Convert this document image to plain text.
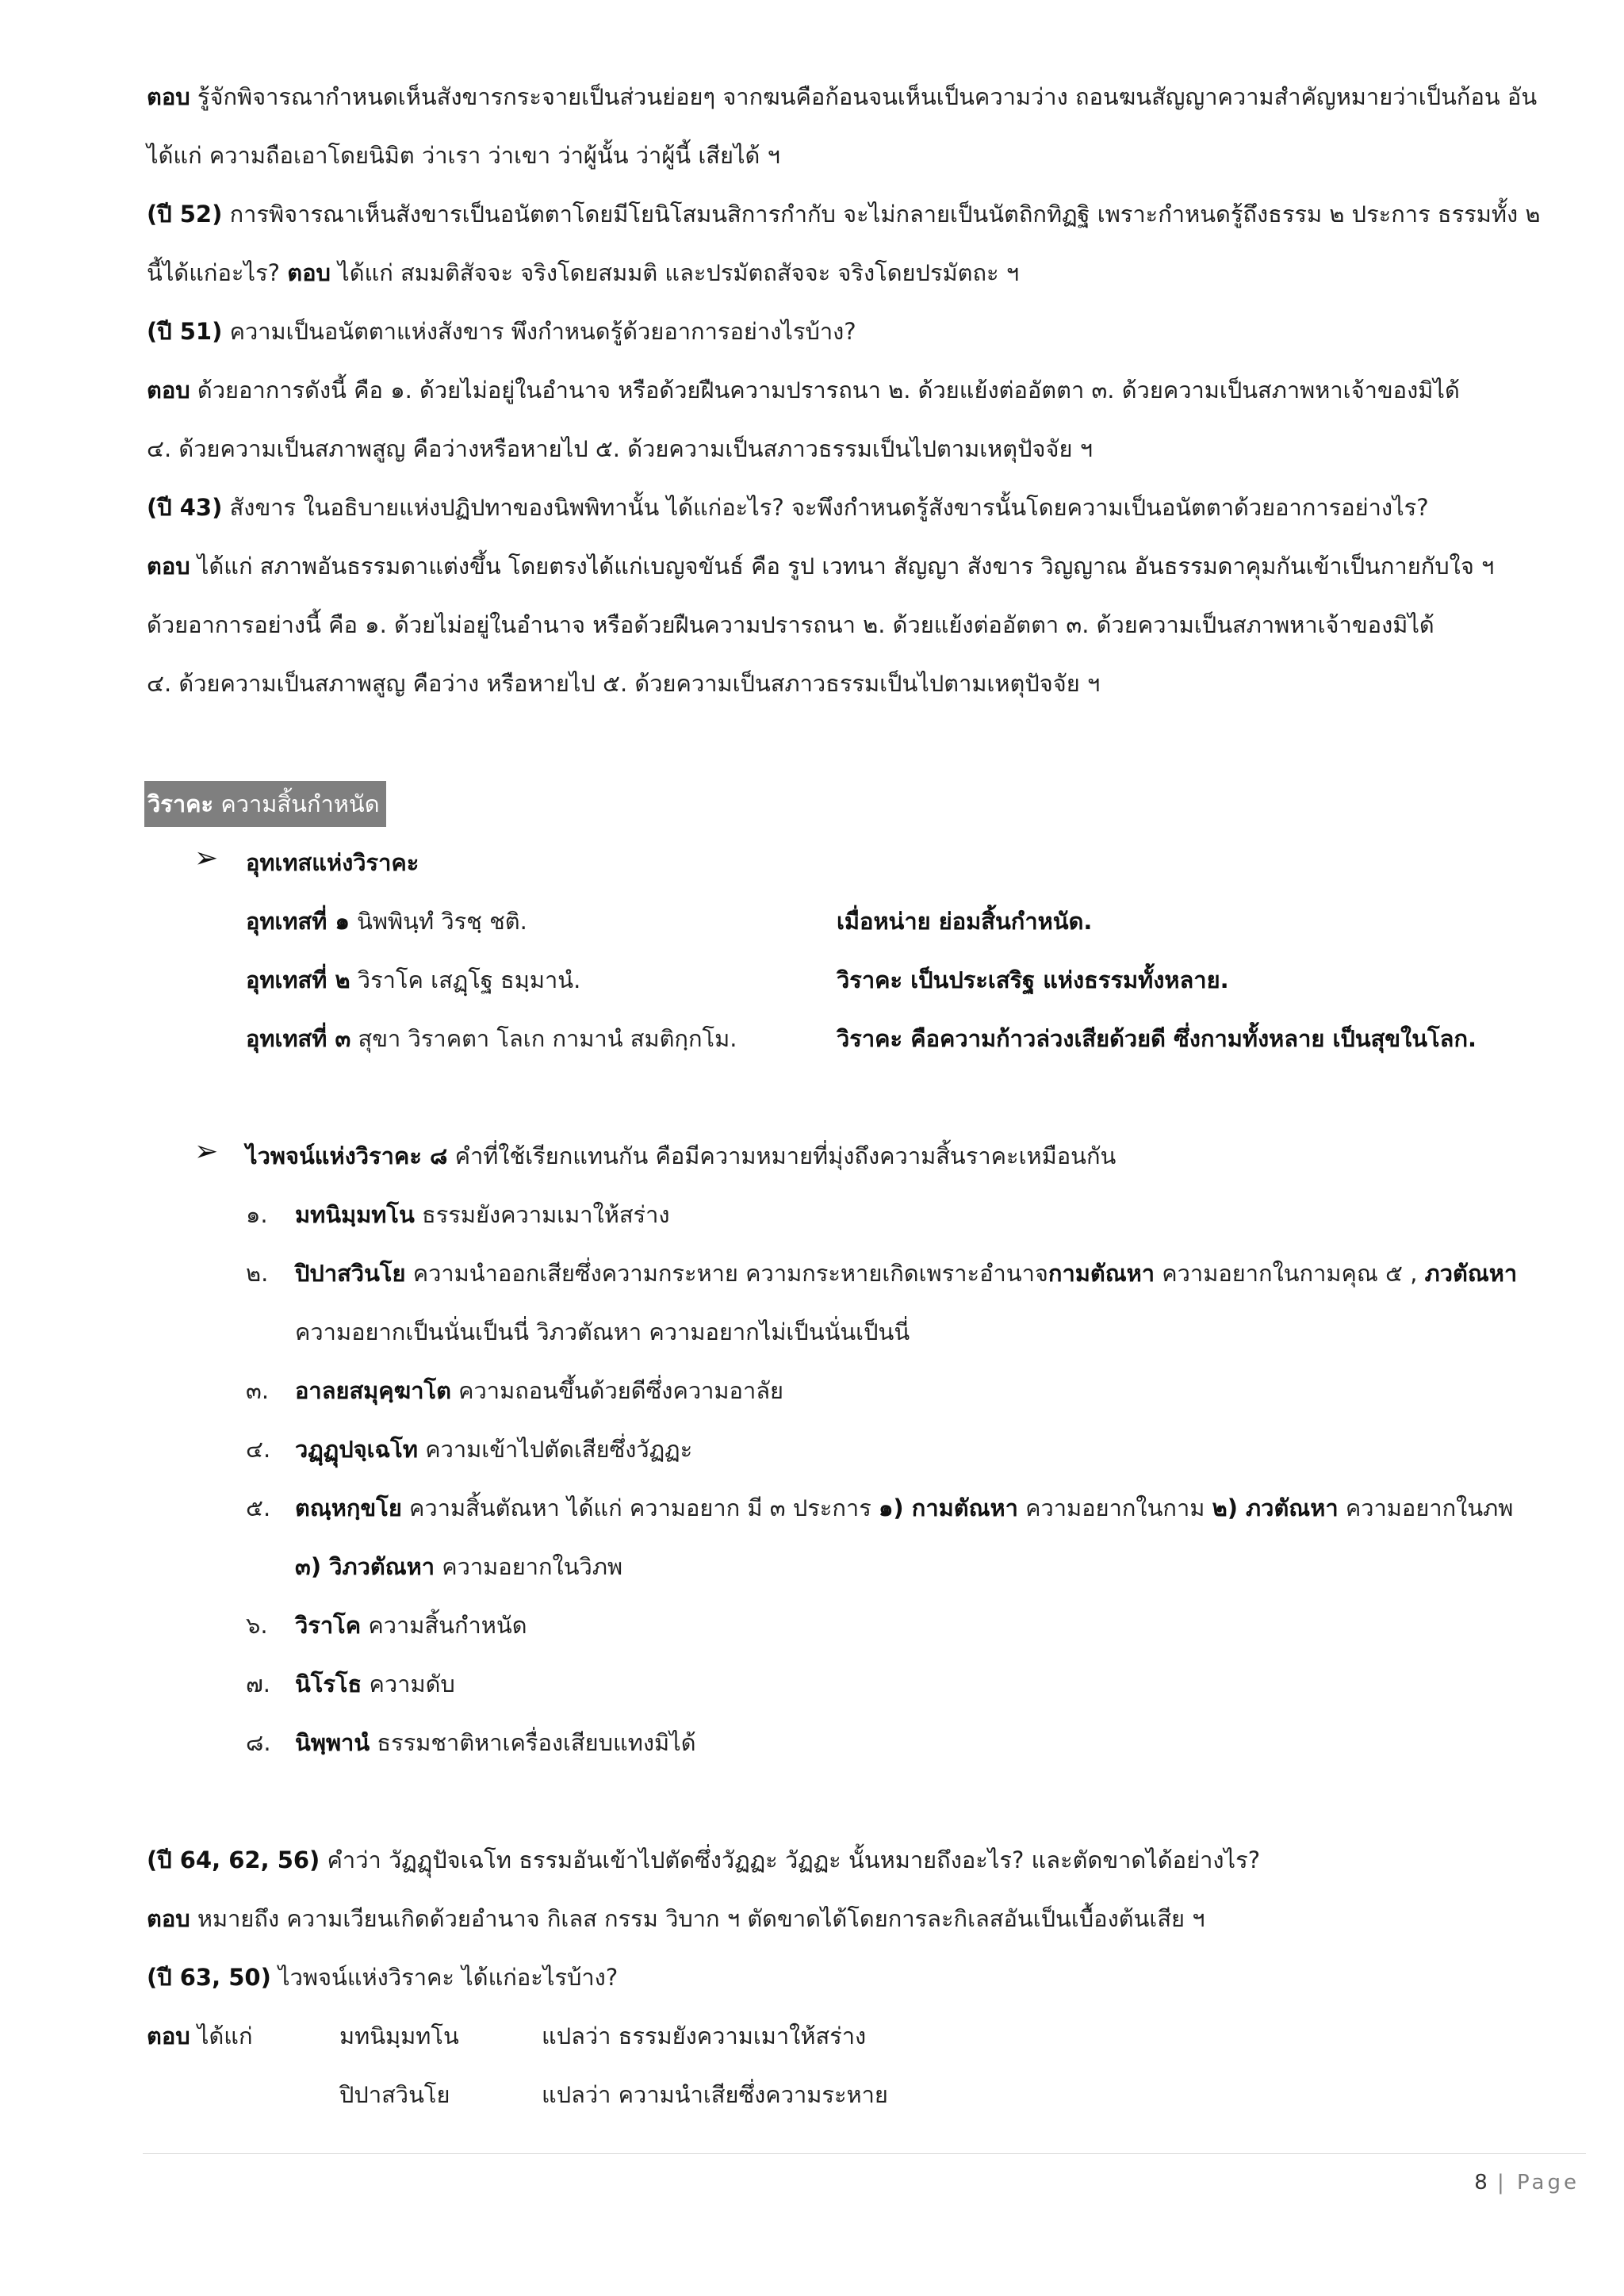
ตอบ รู้จักพิจารณากำหนดเห็นสังขารกระจายเป็นส่วนย่อยๆ จากฆนคือก้อนจนเห็นเป็นความว่าง ถอนฆนสัญญาความสำคัญหมายว่าเป็นก้อน อัน
ได้แก่ ความถือเอาโดยนิมิต ว่าเรา ว่าเขา ว่าผู้นั้น ว่าผู้นี้ เสียได้ ฯ
(ปี 52) การพิจารณาเห็นสังขารเป็นอนัตตาโดยมีโยนิโสมนสิการกำกับ จะไม่กลายเป็นนัตถิกทิฏฐิ เพราะกำหนดรู้ถึงธรรม ๒ ประการ ธรรมทั้ง ๒
นี้ได้แก่อะไร? ตอบ ได้แก่ สมมติสัจจะ จริงโดยสมมติ และปรมัตถสัจจะ จริงโดยปรมัตถะ ฯ
(ปี 51) ความเป็นอนัตตาแห่งสังขาร พึงกำหนดรู้ด้วยอาการอย่างไรบ้าง?
ตอบ ด้วยอาการดังนี้ คือ ๑. ด้วยไม่อยู่ในอำนาจ หรือด้วยฝืนความปรารถนา ๒. ด้วยแย้งต่ออัตตา ๓. ด้วยความเป็นสภาพหาเจ้าของมิได้
๔. ด้วยความเป็นสภาพสูญ คือว่างหรือหายไป ๕. ด้วยความเป็นสภาวธรรมเป็นไปตามเหตุปัจจัย ฯ
(ปี 43) สังขาร ในอธิบายแห่งปฏิปทาของนิพพิทานั้น ได้แก่อะไร? จะพึงกำหนดรู้สังขารนั้นโดยความเป็นอนัตตาด้วยอาการอย่างไร?
ตอบ ได้แก่ สภาพอันธรรมดาแต่งขึ้น โดยตรงได้แก่เบญจขันธ์ คือ รูป เวทนา สัญญา สังขาร วิญญาณ อันธรรมดาคุมกันเข้าเป็นกายกับใจ ฯ
ด้วยอาการอย่างนี้ คือ ๑. ด้วยไม่อยู่ในอำนาจ หรือด้วยฝืนความปรารถนา ๒. ด้วยแย้งต่ออัตตา ๓. ด้วยความเป็นสภาพหาเจ้าของมิได้
๔. ด้วยความเป็นสภาพสูญ คือว่าง หรือหายไป ๕. ด้วยความเป็นสภาวธรรมเป็นไปตามเหตุปัจจัย ฯ
วิราคะ ความสิ้นกำหนัด
➢ อุทเทสแห่งวิราคะ
อุทเทสที่ ๑ นิพพินฺทํ วิรชฺ ชติ.	เมื่อหน่าย ย่อมสิ้นกำหนัด.
อุทเทสที่ ๒ วิราโค เสฏฺโฐ ธมฺมานํ.	วิราคะ เป็นประเสริฐ แห่งธรรมทั้งหลาย.
อุทเทสที่ ๓ สุขา วิราคตา โลเก กามานํ สมติกฺกโม.	วิราคะ คือความก้าวล่วงเสียด้วยดี ซึ่งกามทั้งหลาย เป็นสุขในโลก.
➢ ไวพจน์แห่งวิราคะ ๘ คำที่ใช้เรียกแทนกัน คือมีความหมายที่มุ่งถึงความสิ้นราคะเหมือนกัน
๑. มทนิมฺมทโน ธรรมยังความเมาให้สร่าง
๒. ปิปาสวินโย ความนำออกเสียซึ่งความกระหาย ความกระหายเกิดเพราะอำนาจกามตัณหา ความอยากในกามคุณ ๕ , ภวตัณหา
ความอยากเป็นนั่นเป็นนี่ วิภวตัณหา ความอยากไม่เป็นนั่นเป็นนี่
๓. อาลยสมุคฺฆาโต ความถอนขึ้นด้วยดีซึ่งความอาลัย
๔. วฏฺฏุปจฺเฉโท ความเข้าไปตัดเสียซึ่งวัฏฏะ
๕. ตณฺหกฺขโย ความสิ้นตัณหา ได้แก่ ความอยาก มี ๓ ประการ ๑) กามตัณหา ความอยากในกาม ๒) ภวตัณหา ความอยากในภพ
๓) วิภวตัณหา ความอยากในวิภพ
๖. วิราโค ความสิ้นกำหนัด
๗. นิโรโธ ความดับ
๘. นิพฺพานํ ธรรมชาติหาเครื่องเสียบแทงมิได้
(ปี 64, 62, 56) คำว่า วัฏฏุปัจเฉโท ธรรมอันเข้าไปตัดซึ่งวัฏฏะ วัฏฏะ นั้นหมายถึงอะไร? และตัดขาดได้อย่างไร?
ตอบ หมายถึง ความเวียนเกิดด้วยอำนาจ กิเลส กรรม วิบาก ฯ ตัดขาดได้โดยการละกิเลสอันเป็นเบื้องต้นเสีย ฯ
(ปี 63, 50) ไวพจน์แห่งวิราคะ ได้แก่อะไรบ้าง?
ตอบ ได้แก่	มทนิมฺมทโน	แปลว่า ธรรมยังความเมาให้สร่าง
ปิปาสวินโย	แปลว่า ความนำเสียซึ่งความระหาย
8 | Page
